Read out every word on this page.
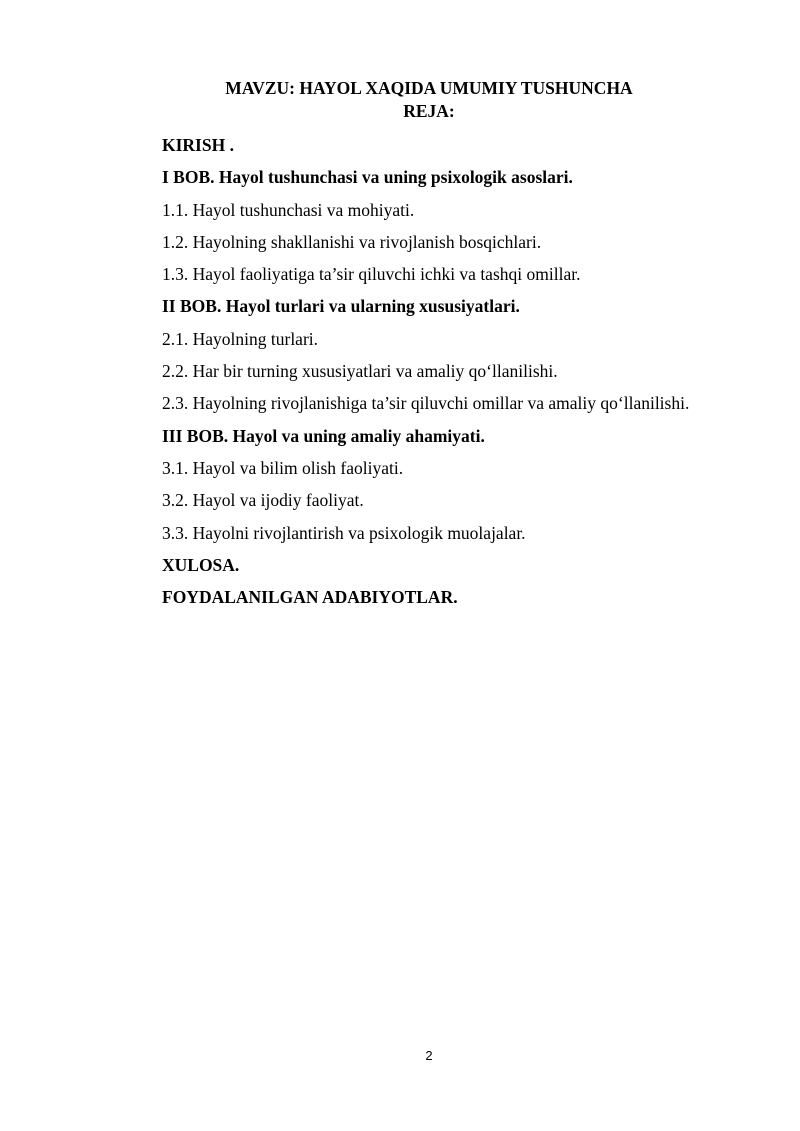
MAVZU: HAYOL XAQIDA UMUMIY TUSHUNCHA
REJA:
KIRISH .
I BOB. Hayol tushunchasi va uning psixologik asoslari.
1.1. Hayol tushunchasi va mohiyati.
1.2. Hayolning shakllanishi va rivojlanish bosqichlari.
1.3. Hayol faoliyatiga ta’sir qiluvchi ichki va tashqi omillar.
II BOB. Hayol turlari va ularning xususiyatlari.
2.1. Hayolning turlari.
2.2. Har bir turning xususiyatlari va amaliy qo‘llanilishi.
2.3. Hayolning rivojlanishiga ta’sir qiluvchi omillar va amaliy qo‘llanilishi.
III BOB. Hayol va uning amaliy ahamiyati.
3.1. Hayol va bilim olish faoliyati.
3.2. Hayol va ijodiy faoliyat.
3.3. Hayolni rivojlantirish va psixologik muolajalar.
XULOSA.
FOYDALANILGAN ADABIYOTLAR.
2
